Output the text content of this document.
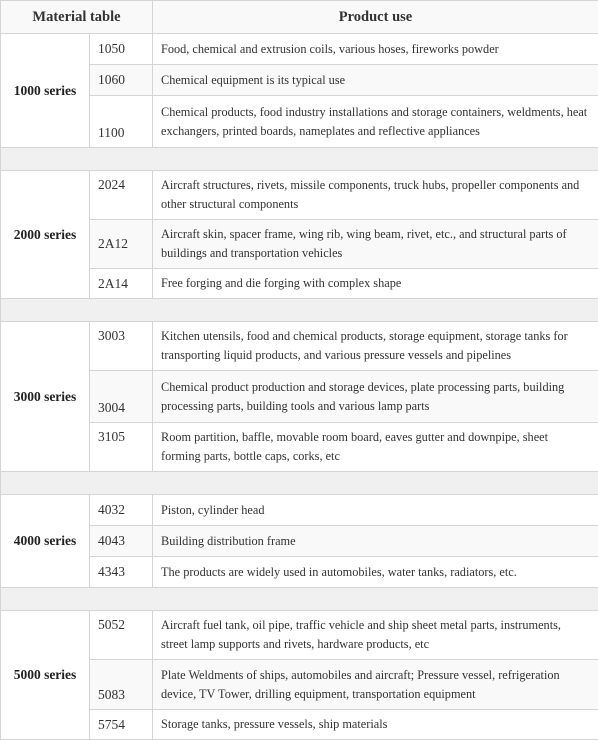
Material table		Product use
1000 series	1050	Food, chemical and extrusion coils, various hoses, fireworks powder
	1060	Chemical equipment is its typical use
	1100	Chemical products, food industry installations and storage containers, weldments, heat exchangers, printed boards, nameplates and reflective appliances

2000 series	2024	Aircraft structures, rivets, missile components, truck hubs, propeller components and other structural components
	2A12	Aircraft skin, spacer frame, wing rib, wing beam, rivet, etc., and structural parts of buildings and transportation vehicles
	2A14	Free forging and die forging with complex shape

3000 series	3003	Kitchen utensils, food and chemical products, storage equipment, storage tanks for transporting liquid products, and various pressure vessels and pipelines
	3004	Chemical product production and storage devices, plate processing parts, building processing parts, building tools and various lamp parts
	3105	Room partition, baffle, movable room board, eaves gutter and downpipe, sheet forming parts, bottle caps, corks, etc

4000 series	4032	Piston, cylinder head
	4043	Building distribution frame
	4343	The products are widely used in automobiles, water tanks, radiators, etc.

5000 series	5052	Aircraft fuel tank, oil pipe, traffic vehicle and ship sheet metal parts, instruments, street lamp supports and rivets, hardware products, etc
	5083	Plate Weldments of ships, automobiles and aircraft; Pressure vessel, refrigeration device, TV Tower, drilling equipment, transportation equipment
	5754	Storage tanks, pressure vessels, ship materials
